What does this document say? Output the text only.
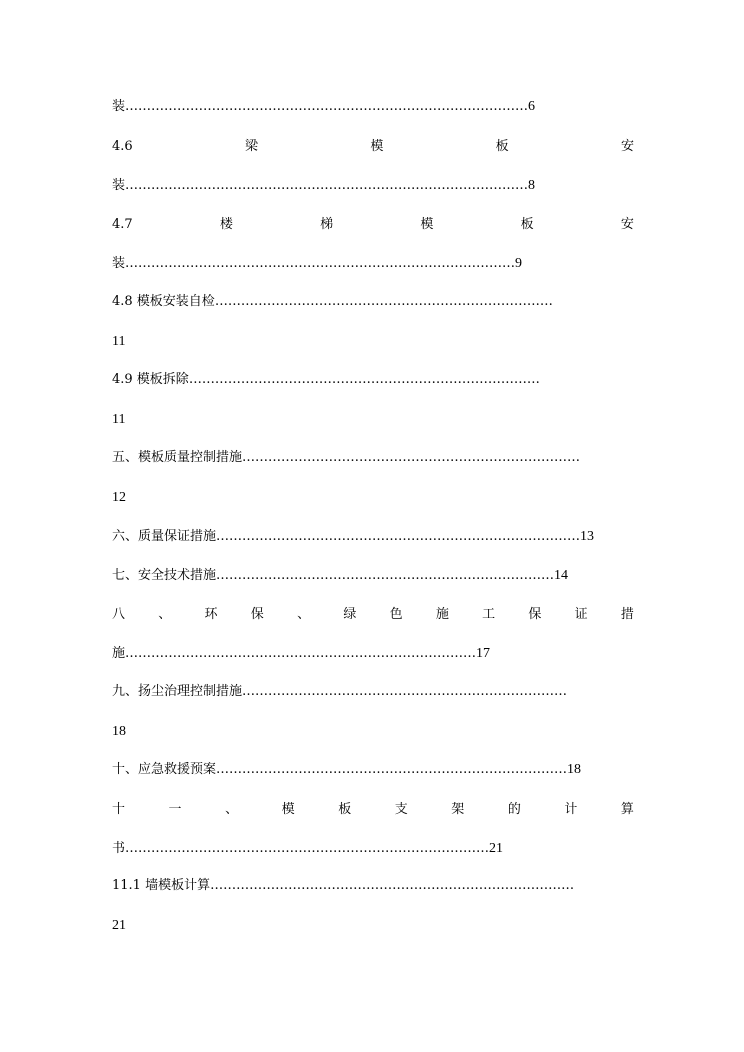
装…………………………………………………………………………………6
4.6	梁	模	板	安
装…………………………………………………………………………………8
4.7	楼	梯	模	板	安
装………………………………………………………………………………9
4.8 模板安装自检……………………………………………………………………
11
4.9 模板拆除………………………………………………………………………
11
五、模板质量控制措施……………………………………………………………………
12
六、质量保证措施…………………………………………………………………………13
七、安全技术措施……………………………………………………………………14
八	、	环	保	、	绿	色	施	工	保	证	措
施………………………………………………………………………17
九、扬尘治理控制措施…………………………………………………………………
18
十、应急救援预案………………………………………………………………………18
十	一	、	模	板	支	架	的	计	算
书…………………………………………………………………………21
11.1 墙模板计算…………………………………………………………………………
21
